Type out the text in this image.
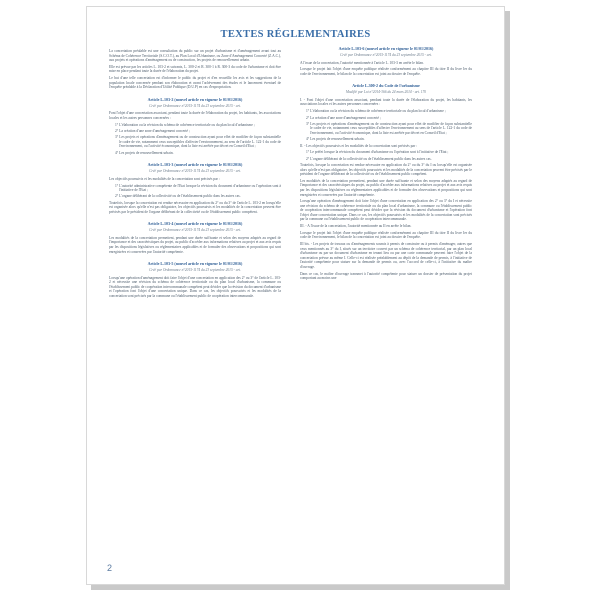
TEXTES RÉGLEMENTAIRES

La concertation préalable est une consultation du public sur un projet d'urbanisme et d'aménagement avant tout au Schéma de Cohérence Territoriale (S.C.O.T.), au Plan Local d'Urbanisme, ou Zone d'Aménagement Concerté (Z.A.C.), aux projets et opérations d'aménagement ou de construction, les projets de renouvellement urbain.

Elle est prévue par les articles L. 103-2 et suivants, L. 300-2 et R. 300-1 à R. 300-3 du code de l'urbanisme et doit être mise en place pendant toute la durée de l'élaboration du projet.

Le but d'une telle concertation est d'informer le public du projet et d'en recueillir les avis et les suggestions de la population locale concernée pendant son élaboration et avant l'achèvement des études et le lancement éventuel de l'enquête préalable à la Déclaration d'Utilité Publique (D.U.P) en cas d'expropriation.

Article L.103-2 (nouvel article en vigueur le 01/01/2016)
Créé par Ordonnance n°2015-1174 du 23 septembre 2015 - art.

Font l'objet d'une concertation associant, pendant toute la durée de l'élaboration du projet, les habitants, les associations locales et les autres personnes concernées :

1° L'élaboration ou la révision du schéma de cohérence territoriale ou du plan local d'urbanisme ;

2° La création d'une zone d'aménagement concerté ;

3° Les projets et opérations d'aménagement ou de construction ayant pour effet de modifier de façon substantielle le cadre de vie, notamment ceux susceptibles d'affecter l'environnement, au sens de l'article L. 122-1 du code de l'environnement, ou l'activité économique, dont la liste est arrêtée par décret en Conseil d'Etat ;

4° Les projets de renouvellement urbain.

Article L.103-3 (nouvel article en vigueur le 01/01/2016)
Créé par Ordonnance n°2015-1174 du 23 septembre 2015 - art.

Les objectifs poursuivis et les modalités de la concertation sont précisés par :

1° L'autorité administrative compétente de l'Etat lorsque la révision du document d'urbanisme ou l'opération sont à l'initiative de l'Etat ;

2° L'organe délibérant de la collectivité ou de l'établissement public dans les autres cas.

Toutefois, lorsque la concertation est rendue nécessaire en application du 2° ou du 3° de l'article L. 103-2 en lorsqu'elle est organisée alors qu'elle n'est pas obligatoire, les objectifs poursuivis et les modalités de la concertation peuvent être précisés par le président de l'organe délibérant de la collectivité ou de l'établissement public compétent.

Article L.103-4 (nouvel article en vigueur le 01/01/2016)
Créé par Ordonnance n°2015-1174 du 23 septembre 2015 - art.

Les modalités de la concertation permettent, pendant une durée suffisante et selon des moyens adaptés au regard de l'importance et des caractéristiques du projet, au public d'accéder aux informations relatives au projet et aux avis requis par les dispositions législatives ou réglementaires applicables et de formuler des observations et propositions qui sont enregistrées et conservées par l'autorité compétente.

Article L.103-5 (nouvel article en vigueur le 01/01/2016)
Créé par Ordonnance n°2015-1174 du 23 septembre 2015 - art.

Lorsqu'une opération d'aménagement doit faire l'objet d'une concertation en application des 2° ou 3° de l'article L. 103-2 et nécessite une révision du schéma de cohérence territoriale ou du plan local d'urbanisme, la commune ou l'établissement public de coopération intercommunale compétent peut décider que la révision du document d'urbanisme et l'opération font l'objet d'une concertation unique. Dans ce cas, les objectifs poursuivis et les modalités de la concertation sont précisés par la commune ou l'établissement public de coopération intercommunale.

Article L.103-6 (nouvel article en vigueur le 01/01/2016)
Créé par Ordonnance n°2015-1174 du 23 septembre 2015 - art.

A l'issue de la concertation, l'autorité mentionnée à l'article L. 103-3 en arrête le bilan.

Lorsque le projet fait l'objet d'une enquête publique réalisée conformément au chapitre III du titre II du livre Ier du code de l'environnement, le bilan de la concertation est joint au dossier de l'enquête.

Article L.300-2 du Code de l'urbanisme
Modifié par Loi n°2014-366 du 24 mars 2014 - art. 170

I. - Font l'objet d'une concertation associant, pendant toute la durée de l'élaboration du projet, les habitants, les associations locales et les autres personnes concernées :

1° L'élaboration ou la révision du schéma de cohérence territoriale ou du plan local d'urbanisme ;

2° La création d'une zone d'aménagement concerté ;

3° Les projets et opérations d'aménagement ou de construction ayant pour effet de modifier de façon substantielle le cadre de vie, notamment ceux susceptibles d'affecter l'environnement au sens de l'article L. 122-1 du code de l'environnement, ou l'activité économique, dont la liste est arrêtée par décret en Conseil d'Etat ;

4° Les projets de renouvellement urbain.

II. - Les objectifs poursuivis et les modalités de la concertation sont précisés par :

1° Le préfet lorsque la révision du document d'urbanisme ou l'opération sont à l'initiative de l'Etat ;

2° L'organe délibérant de la collectivité ou de l'établissement public dans les autres cas.

Toutefois, lorsque la concertation est rendue nécessaire en application du 2° ou du 3° du I ou lorsqu'elle est organisée alors qu'elle n'est pas obligatoire, les objectifs poursuivis et les modalités de la concertation peuvent être précisés par le président de l'organe délibérant de la collectivité ou de l'établissement public compétent.

Les modalités de la concertation permettent, pendant une durée suffisante et selon des moyens adaptés au regard de l'importance et des caractéristiques du projet, au public d'accéder aux informations relatives au projet et aux avis requis par les dispositions législatives ou réglementaires applicables et de formuler des observations et propositions qui sont enregistrées et conservées par l'autorité compétente.

Lorsqu'une opération d'aménagement doit faire l'objet d'une concertation en application des 2° ou 3° du I et nécessite une révision du schéma de cohérence territoriale ou du plan local d'urbanisme, la commune ou l'établissement public de coopération intercommunale compétent peut décider que la révision du document d'urbanisme et l'opération font l'objet d'une concertation unique. Dans ce cas, les objectifs poursuivis et les modalités de la concertation sont précisés par la commune ou l'établissement public de coopération intercommunale.

III. - A l'issue de la concertation, l'autorité mentionnée au II en arrête le bilan.

Lorsque le projet fait l'objet d'une enquête publique réalisée conformément au chapitre III du titre II du livre Ier du code de l'environnement, le bilan de la concertation est joint au dossier de l'enquête.

III bis. - Les projets de travaux ou d'aménagements soumis à permis de construire ou à permis d'aménager, autres que ceux mentionnés au 3° du I, situés sur un territoire couvert par un schéma de cohérence territorial, par un plan local d'urbanisme ou par un document d'urbanisme en tenant lieu ou par une carte communale peuvent faire l'objet de la concertation prévue au même I. Celle-ci est réalisée préalablement au dépôt de la demande de permis, à l'initiative de l'autorité compétente pour statuer sur la demande de permis ou, avec l'accord de celle-ci, à l'initiative du maître d'ouvrage.

Dans ce cas, le maître d'ouvrage transmet à l'autorité compétente pour statuer un dossier de présentation du projet comportant au moins une

2
